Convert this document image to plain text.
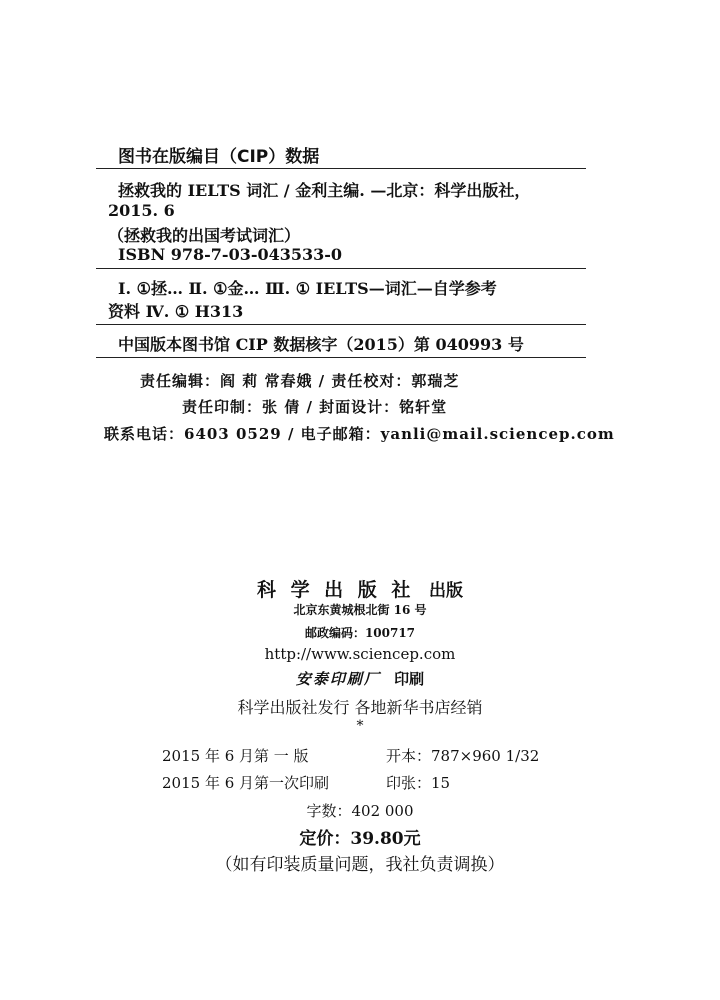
图书在版编目（CIP）数据
拯救我的 IELTS 词汇 / 金利主编. —北京：科学出版社，
2015. 6
（拯救我的出国考试词汇）
ISBN 978-7-03-043533-0
Ⅰ. ①拯… Ⅱ. ①金… Ⅲ. ① IELTS—词汇—自学参考
资料 Ⅳ. ① H313
中国版本图书馆 CIP 数据核字（2015）第 040993 号
责任编辑：阎 莉 常春娥 / 责任校对：郭瑞芝
责任印制：张 倩 / 封面设计：铭轩堂
联系电话：6403 0529 / 电子邮箱：yanli@mail.sciencep.com
科 学 出 版 社 出版
北京东黄城根北街 16 号
邮政编码：100717
http://www.sciencep.com
安泰印刷厂 印刷
科学出版社发行 各地新华书店经销
*
2015 年 6 月第 一 版	开本：787×960 1/32
2015 年 6 月第一次印刷	印张：15
字数：402 000
定价：39.80元
（如有印装质量问题，我社负责调换）
